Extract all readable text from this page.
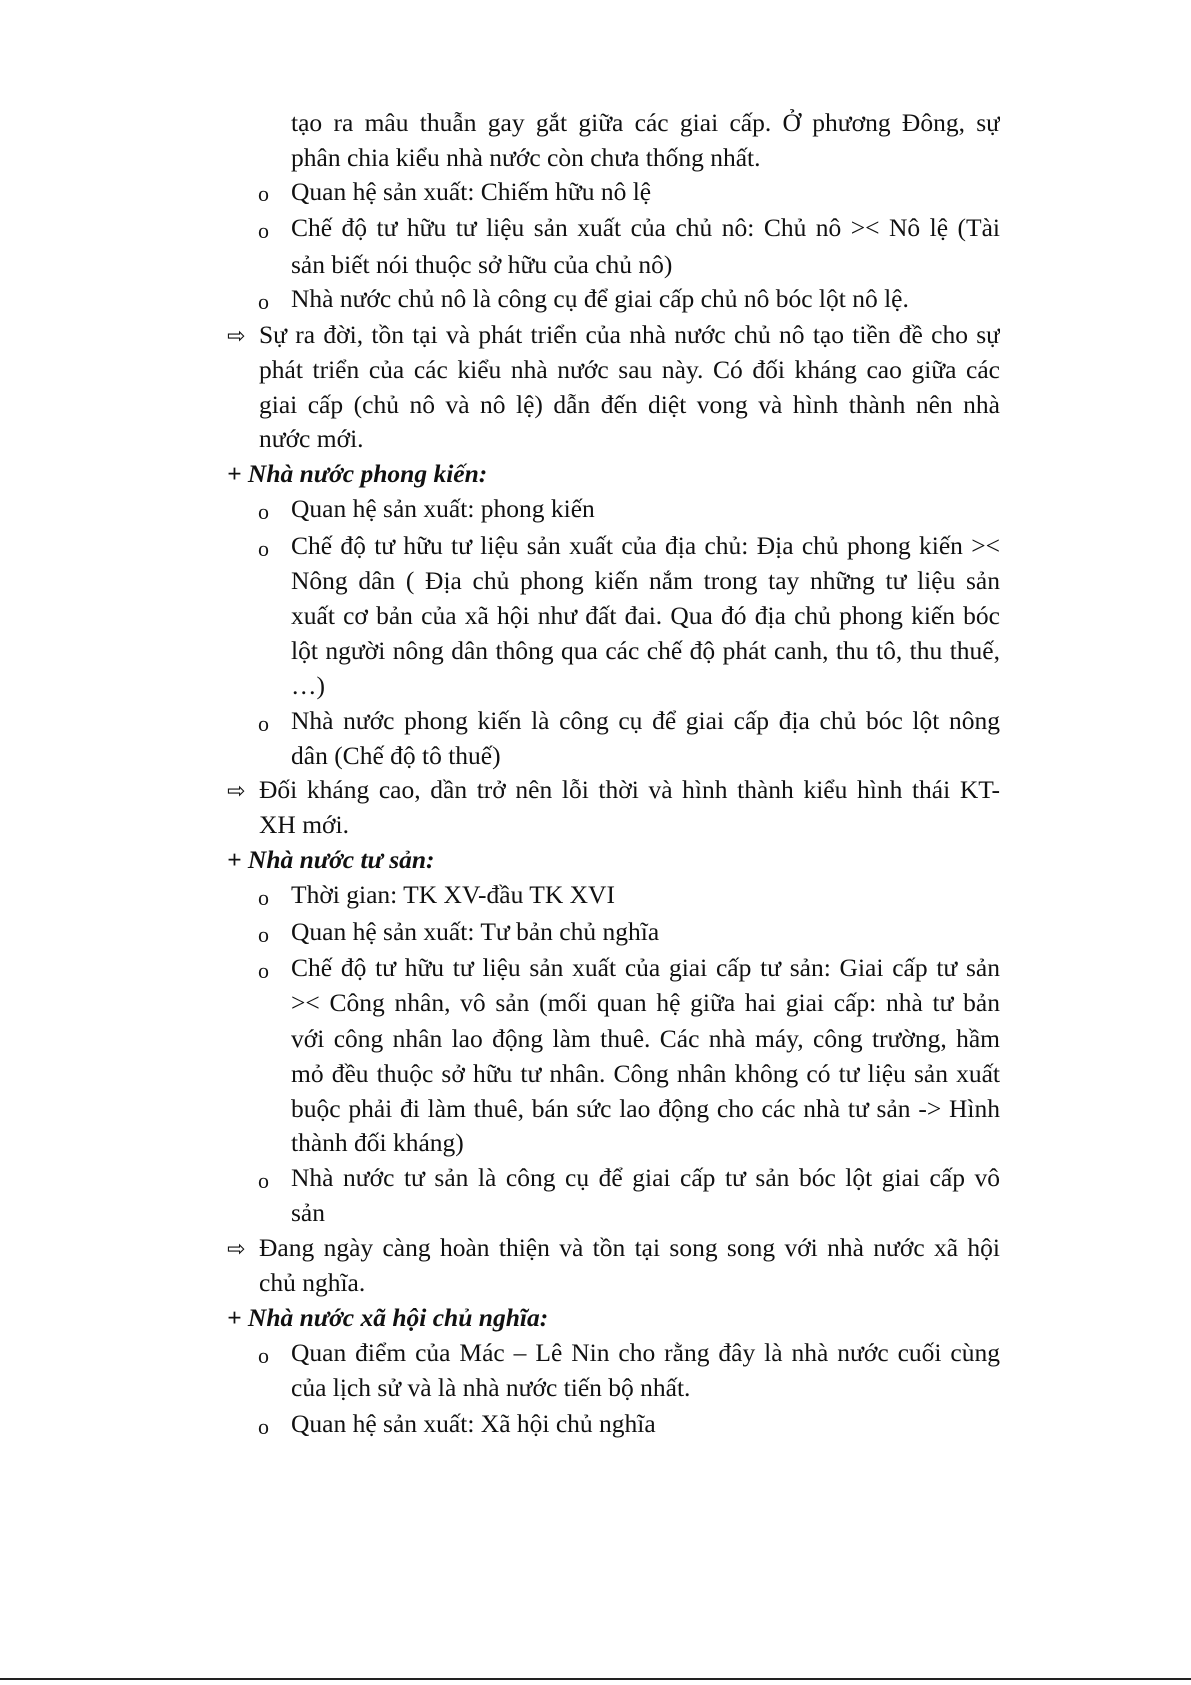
tạo ra mâu thuẫn gay gắt giữa các giai cấp. Ở phương Đông, sự
phân chia kiểu nhà nước còn chưa thống nhất.
o Quan hệ sản xuất: Chiếm hữu nô lệ
o Chế độ tư hữu tư liệu sản xuất của chủ nô: Chủ nô >< Nô lệ (Tài
sản biết nói thuộc sở hữu của chủ nô)
o Nhà nước chủ nô là công cụ để giai cấp chủ nô bóc lột nô lệ.
⇨ Sự ra đời, tồn tại và phát triển của nhà nước chủ nô tạo tiền đề cho sự
phát triển của các kiểu nhà nước sau này. Có đối kháng cao giữa các
giai cấp (chủ nô và nô lệ) dẫn đến diệt vong và hình thành nên nhà
nước mới.
+ Nhà nước phong kiến:
o Quan hệ sản xuất: phong kiến
o Chế độ tư hữu tư liệu sản xuất của địa chủ: Địa chủ phong kiến ><
Nông dân ( Địa chủ phong kiến nắm trong tay những tư liệu sản
xuất cơ bản của xã hội như đất đai. Qua đó địa chủ phong kiến bóc
lột người nông dân thông qua các chế độ phát canh, thu tô, thu thuế,
…)
o Nhà nước phong kiến là công cụ để giai cấp địa chủ bóc lột nông
dân (Chế độ tô thuế)
⇨ Đối kháng cao, dần trở nên lỗi thời và hình thành kiểu hình thái KT-
XH mới.
+ Nhà nước tư sản:
o Thời gian: TK XV-đầu TK XVI
o Quan hệ sản xuất: Tư bản chủ nghĩa
o Chế độ tư hữu tư liệu sản xuất của giai cấp tư sản: Giai cấp tư sản
>< Công nhân, vô sản (mối quan hệ giữa hai giai cấp: nhà tư bản
với công nhân lao động làm thuê. Các nhà máy, công trường, hầm
mỏ đều thuộc sở hữu tư nhân. Công nhân không có tư liệu sản xuất
buộc phải đi làm thuê, bán sức lao động cho các nhà tư sản -> Hình
thành đối kháng)
o Nhà nước tư sản là công cụ để giai cấp tư sản bóc lột giai cấp vô
sản
⇨ Đang ngày càng hoàn thiện và tồn tại song song với nhà nước xã hội
chủ nghĩa.
+ Nhà nước xã hội chủ nghĩa:
o Quan điểm của Mác – Lê Nin cho rằng đây là nhà nước cuối cùng
của lịch sử và là nhà nước tiến bộ nhất.
o Quan hệ sản xuất: Xã hội chủ nghĩa
